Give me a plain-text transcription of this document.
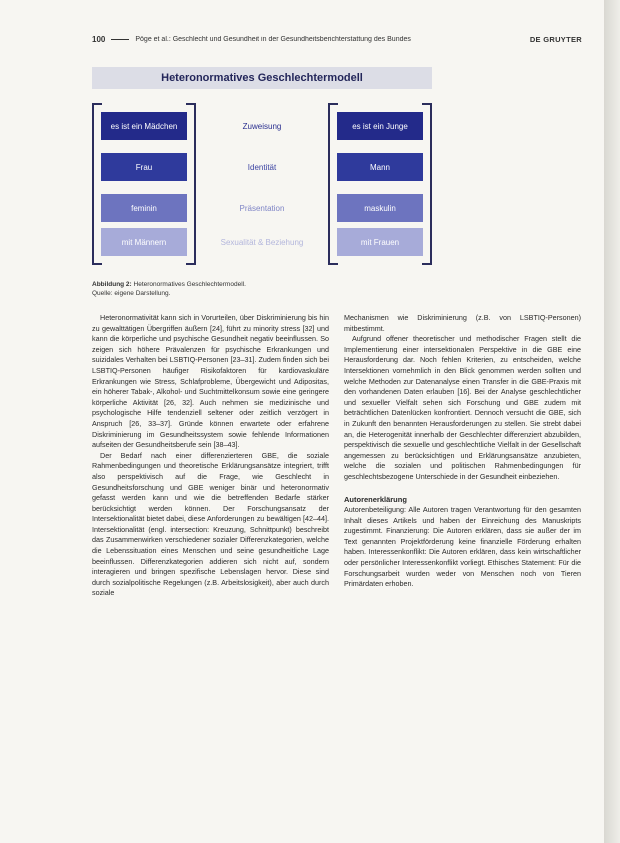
100	Pöge et al.: Geschlecht und Gesundheit in der Gesundheitsberichterstattung des Bundes	DE GRUYTER
Heteronormatives Geschlechtermodell
es ist ein Mädchen
Frau
feminin
mit Männern
Zuweisung
Identität
Präsentation
Sexualität & Beziehung
es ist ein Junge
Mann
maskulin
mit Frauen
Abbildung 2: Heteronormatives Geschlechtermodell.
Quelle: eigene Darstellung.

Heteronormativität kann sich in Vorurteilen, über Diskriminierung bis hin zu gewalttätigen Übergriffen äußern [24], führt zu minority stress [32] und kann die körperliche und psychische Gesundheit negativ beeinflussen. So zeigen sich höhere Prävalenzen für psychische Erkrankungen und suizidales Verhalten bei LSBTIQ-Personen [23–31]. Zudem finden sich bei LSBTIQ-Personen häufiger Risikofaktoren für kardiovaskuläre Erkrankungen wie Stress, Schlafprobleme, Übergewicht und Adipositas, ein höherer Tabak-, Alkohol- und Suchtmittelkonsum sowie eine geringere körperliche Aktivität [26, 32]. Auch nehmen sie medizinische und psychologische Hilfe tendenziell seltener oder zeitlich verzögert in Anspruch [26, 33–37]. Gründe können erwartete oder erfahrene Diskriminierung im Gesundheitssystem sowie fehlende Informationen aufseiten der Gesundheitsberufe sein [38–43].

Der Bedarf nach einer differenzierteren GBE, die soziale Rahmenbedingungen und theoretische Erklärungsansätze integriert, trifft also perspektivisch auf die Frage, wie Geschlecht in Gesundheitsforschung und GBE weniger binär und heteronormativ gefasst werden kann und wie die betreffenden Bedarfe stärker berücksichtigt werden können. Der Forschungsansatz der Intersektionalität bietet dabei, diese Anforderungen zu bewältigen [42–44]. Intersektionalität (engl. intersection: Kreuzung, Schnittpunkt) beschreibt das Zusammenwirken verschiedener sozialer Differenzkategorien, welche die Lebenssituation eines Menschen und seine gesundheitliche Lage beeinflussen. Differenzkategorien addieren sich nicht auf, sondern interagieren und bringen spezifische Lebenslagen hervor. Diese sind durch sozialpolitische Regelungen (z.B. Arbeitslosigkeit), aber auch durch soziale

Mechanismen wie Diskriminierung (z.B. von LSBTIQ-Personen) mitbestimmt.

Aufgrund offener theoretischer und methodischer Fragen stellt die Implementierung einer intersektionalen Perspektive in die GBE eine Herausforderung dar. Noch fehlen Kriterien, zu entscheiden, welche Intersektionen vornehmlich in den Blick genommen werden sollten und welche Methoden zur Datenanalyse einen Transfer in die GBE-Praxis mit den vorhandenen Daten erlauben [16]. Bei der Analyse geschlechtlicher und sexueller Vielfalt sehen sich Forschung und GBE zudem mit beträchtlichen Datenlücken konfrontiert. Dennoch versucht die GBE, sich in Zukunft den benannten Herausforderungen zu stellen. Sie strebt dabei an, die Heterogenität innerhalb der Geschlechter differenziert abzubilden, perspektivisch die sexuelle und geschlechtliche Vielfalt in der Gesellschaft angemessen zu berücksichtigen und Erklärungsansätze anzubieten, welche die sozialen und politischen Rahmenbedingungen für geschlechtsbezogene Unterschiede in der Gesundheit einbeziehen.

Autorenerklärung

Autorenbeteiligung: Alle Autoren tragen Verantwortung für den gesamten Inhalt dieses Artikels und haben der Einreichung des Manuskripts zugestimmt. Finanzierung: Die Autoren erklären, dass sie außer der im Text genannten Projektförderung keine finanzielle Förderung erhalten haben. Interessenkonflikt: Die Autoren erklären, dass kein wirtschaftlicher oder persönlicher Interessenkonflikt vorliegt. Ethisches Statement: Für die Forschungsarbeit wurden weder von Menschen noch von Tieren Primärdaten erhoben.
